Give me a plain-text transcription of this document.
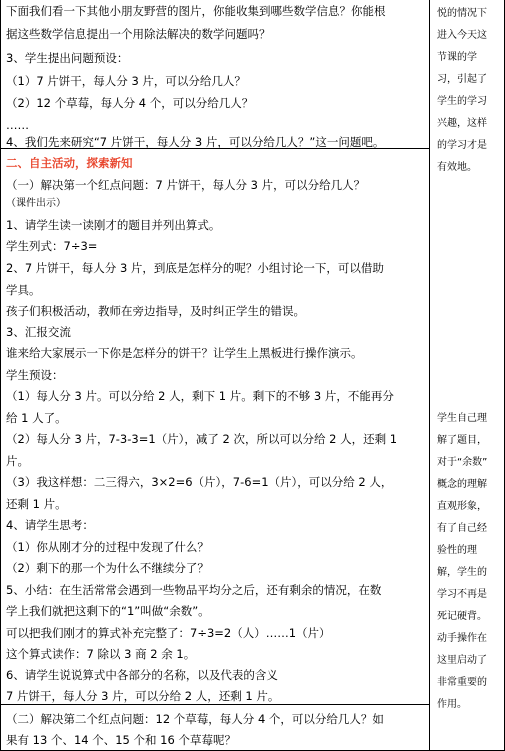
下面我们看一下其他小朋友野营的图片，你能收集到哪些数学信息？你能根
据这些数学信息提出一个用除法解决的数学问题吗？
3、学生提出问题预设：
（1）7 片饼干，每人分 3 片，可以分给几人？
（2）12 个草莓，每人分 4 个，可以分给几人？
……
4、我们先来研究“7 片饼干，每人分 3 片，可以分给几人？”这一问题吧。
二、自主活动，探索新知
（一）解决第一个红点问题：7 片饼干，每人分 3 片，可以分给几人？
（课件出示）
1、请学生读一读刚才的题目并列出算式。
学生列式：7÷3=
2、7 片饼干，每人分 3 片，到底是怎样分的呢？小组讨论一下，可以借助
学具。
孩子们积极活动，教师在旁边指导，及时纠正学生的错误。
3、汇报交流
谁来给大家展示一下你是怎样分的饼干？让学生上黑板进行操作演示。
学生预设：
（1）每人分 3 片。可以分给 2 人，剩下 1 片。剩下的不够 3 片，不能再分
给 1 人了。
（2）每人分 3 片，7-3-3=1（片），减了 2 次，所以可以分给 2 人，还剩 1
片。
（3）我这样想：二三得六，3×2=6（片），7-6=1（片），可以分给 2 人，
还剩 1 片。
4、请学生思考：
（1）你从刚才分的过程中发现了什么？
（2）剩下的那一个为什么不继续分了？
5、小结：在生活常常会遇到一些物品平均分之后，还有剩余的情况，在数
学上我们就把这剩下的“1”叫做“余数”。
可以把我们刚才的算式补充完整了：7÷3=2（人）……1（片）
这个算式读作：7 除以 3 商 2 余 1。
6、请学生说说算式中各部分的名称，以及代表的含义
7 片饼干，每人分 3 片，可以分给 2 人，还剩 1 片。
（二）解决第二个红点问题：12 个草莓，每人分 4 个，可以分给几人？如
果有 13 个、14 个、15 个和 16 个草莓呢？
悦的情况下
进入今天这
节课的学
习，引起了
学生的学习
兴趣，这样
的学习才是
有效地。
学生自己理
解了题目，
对于“余数”
概念的理解
直观形象，
有了自己经
验性的理
解，学生的
学习不再是
死记硬背。
动手操作在
这里启动了
非常重要的
作用。
